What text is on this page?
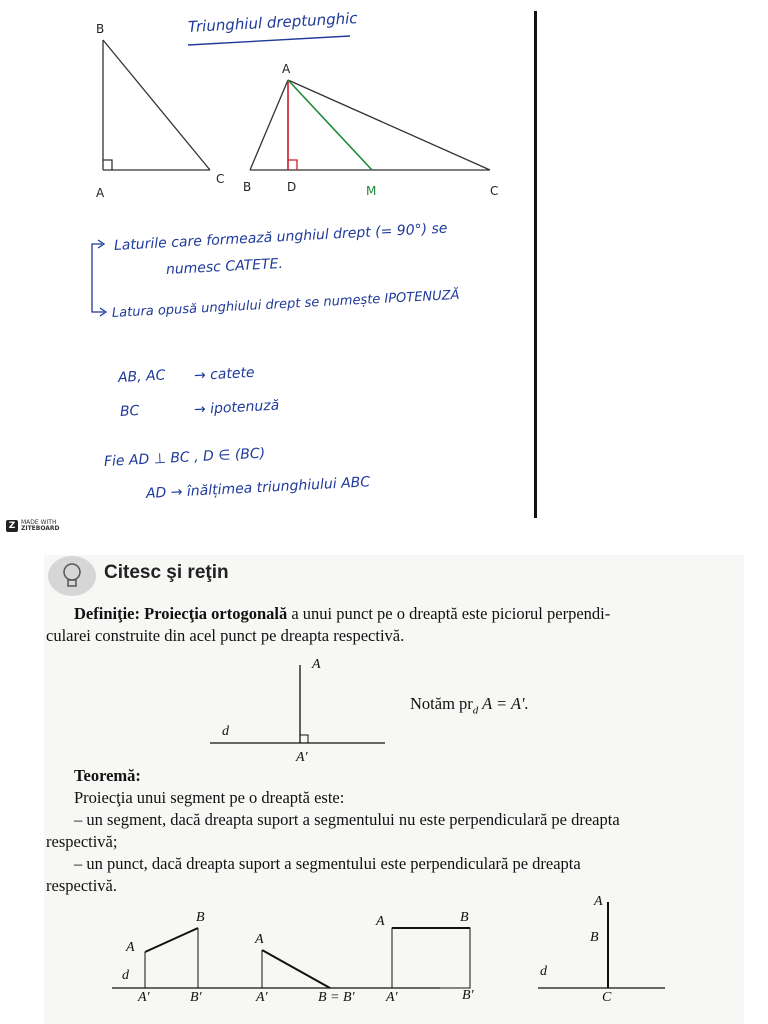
Triunghiul dreptunghic
B
A
C
A
B	D	M	C
Laturile care formează unghiul drept (= 90°) se
numesc CATETE.
Latura opusă unghiului drept se numește IPOTENUZĂ
AB, AC → catete
BC	→ ipotenuză
Fie AD ⊥ BC , D ∈ (BC)
AD → înălțimea triunghiului ABC
Z MADE WITH
ZITEBOARD
Citesc şi reţin
Definiţie: Proiecţia ortogonală a unui punct pe o dreaptă este piciorul perpendi-
cularei construite din acel punct pe dreapta respectivă.
A
d
A′
Notăm $pr_d$ A = A′.
Teoremă:
Proiecţia unui segment pe o dreaptă este:
– un segment, dacă dreapta suport a segmentului nu este perpendiculară pe dreapta
respectivă;
– un punct, dacă dreapta suport a segmentului este perpendiculară pe dreapta
respectivă.
B
A
d
A′	B′
A
A′	B = B′
A	B
A′	B′
A
B
d
C
